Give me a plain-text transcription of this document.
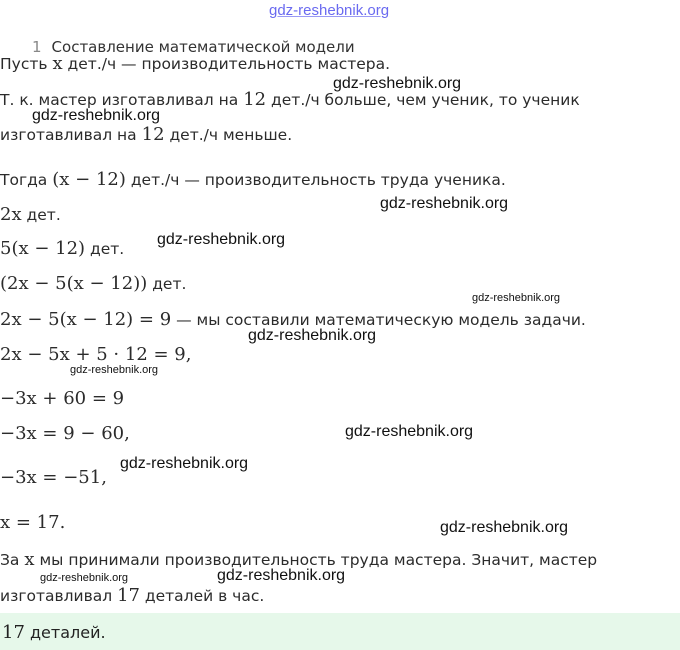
gdz-reshebnik.org
1 Составление математической модели
Пусть x дет./ч — производительность мастера.
Т. к. мастер изготавливал на 12 дет./ч больше, чем ученик, то ученик
изготавливал на 12 дет./ч меньше.
Тогда (x − 12) дет./ч — производительность труда ученика.
2x дет.
5(x − 12) дет.
(2x − 5(x − 12)) дет.
2x − 5(x − 12) = 9 — мы составили математическую модель задачи.
2x − 5x + 5 · 12 = 9,
−3x + 60 = 9
−3x = 9 − 60,
−3x = −51,
x = 17.
За x мы принимали производительность труда мастера. Значит, мастер
изготавливал 17 деталей в час.
17 деталей.
gdz-reshebnik.org
gdz-reshebnik.org
gdz-reshebnik.org
gdz-reshebnik.org
gdz-reshebnik.org
gdz-reshebnik.org
gdz-reshebnik.org
gdz-reshebnik.org
gdz-reshebnik.org
gdz-reshebnik.org
gdz-reshebnik.org	gdz-reshebnik.org
